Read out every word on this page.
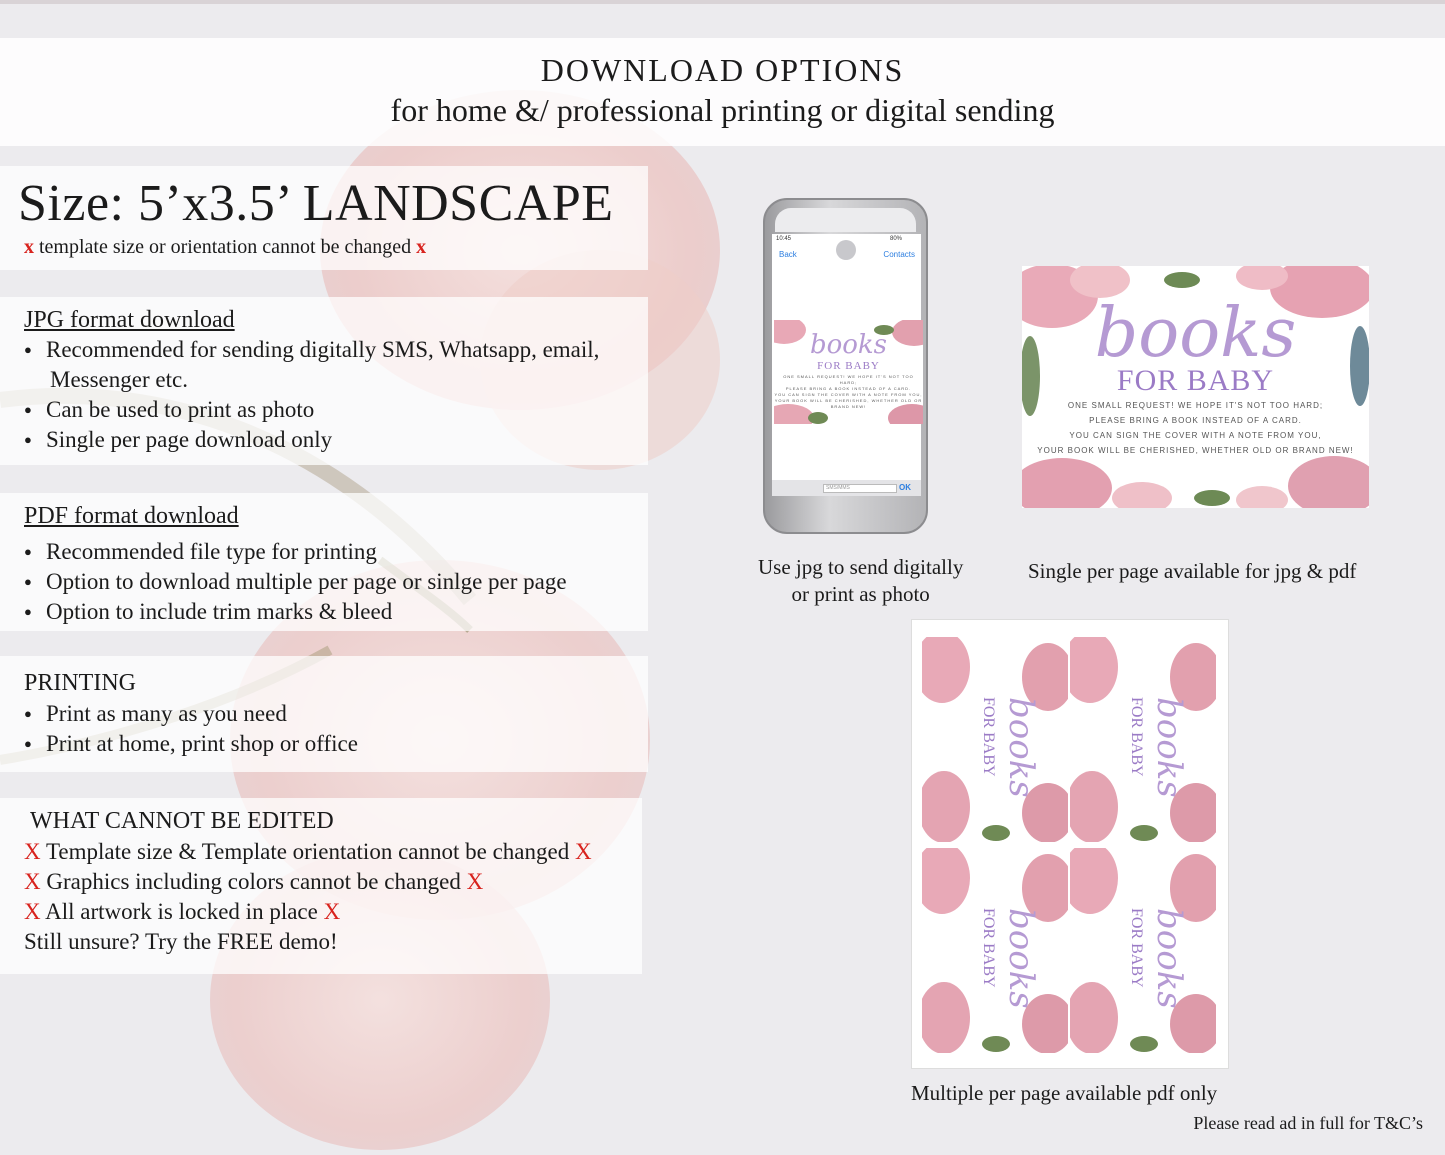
DOWNLOAD OPTIONS
for home &/ professional printing or digital sending
Size: 5’x3.5’ LANDSCAPE
x template size or orientation cannot be changed x
JPG format download
● Recommended for sending digitally SMS, Whatsapp, email,
Messenger etc.
● Can be used to print as photo
● Single per page download only
PDF format download
● Recommended file type for printing
● Option to download multiple per page or sinlge per page
● Option to include trim marks & bleed
PRINTING
● Print as many as you need
● Print at home, print shop or office
WHAT CANNOT BE EDITED
X Template size & Template orientation cannot be changed X
X Graphics including colors cannot be changed X
X All artwork is locked in place X
Still unsure? Try the FREE demo!
10:45	80%
Back	Contacts
books
FOR BABY
ONE SMALL REQUEST! WE HOPE IT'S NOT TOO HARD;
PLEASE BRING A BOOK INSTEAD OF A CARD.
YOU CAN SIGN THE COVER WITH A NOTE FROM YOU,
YOUR BOOK WILL BE CHERISHED, WHETHER OLD OR BRAND NEW!
SMS/MMS	OK
Use jpg to send digitally
or print as photo
books
FOR BABY
ONE SMALL REQUEST! WE HOPE IT'S NOT TOO HARD;
PLEASE BRING A BOOK INSTEAD OF A CARD.
YOU CAN SIGN THE COVER WITH A NOTE FROM YOU,
YOUR BOOK WILL BE CHERISHED, WHETHER OLD OR BRAND NEW!
Single per page available for jpg & pdf
books
FOR BABY	books
FOR BABY
books
FOR BABY	books
FOR BABY
Multiple per page available pdf only
Please read ad in full for T&C’s
